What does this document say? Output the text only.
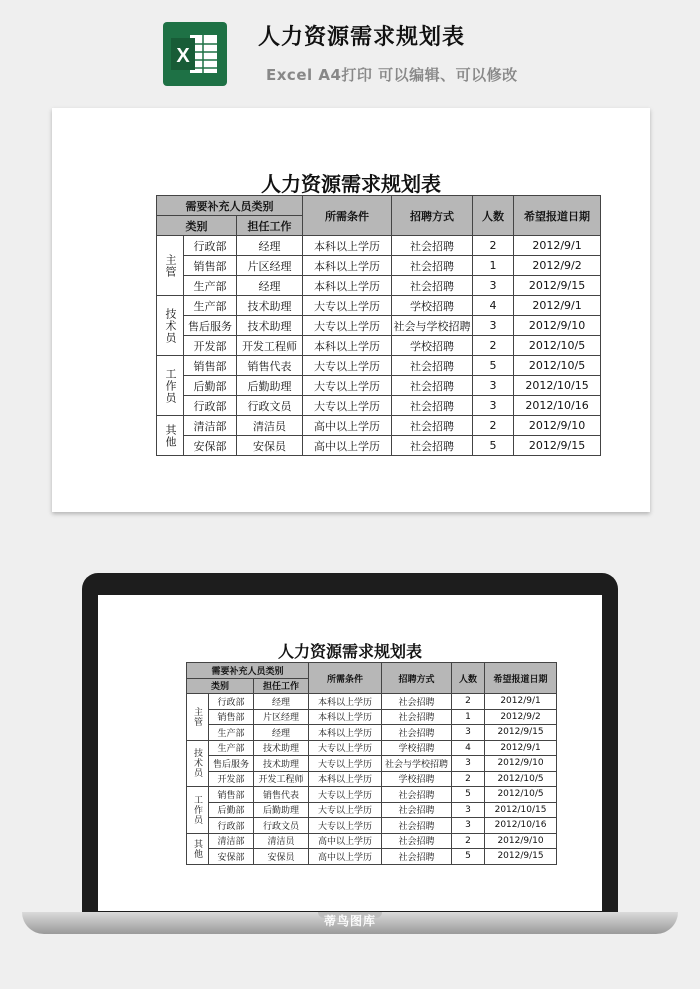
X
人力资源需求规划表
Excel A4打印 可以编辑、可以修改
人力资源需求规划表
需要补充人员类别			所需条件	招聘方式	人数	希望报道日期
类别		担任工作				
主管	行政部	经理	本科以上学历	社会招聘	2	2012/9/1
	销售部	片区经理	本科以上学历	社会招聘	1	2012/9/2
	生产部	经理	本科以上学历	社会招聘	3	2012/9/15
技术员	生产部	技术助理	大专以上学历	学校招聘	4	2012/9/1
	售后服务	技术助理	大专以上学历	社会与学校招聘	3	2012/9/10
	开发部	开发工程师	本科以上学历	学校招聘	2	2012/10/5
工作员	销售部	销售代表	大专以上学历	社会招聘	5	2012/10/5
	后勤部	后勤助理	大专以上学历	社会招聘	3	2012/10/15
	行政部	行政文员	大专以上学历	社会招聘	3	2012/10/16
其他	清洁部	清洁员	高中以上学历	社会招聘	2	2012/9/10
	安保部	安保员	高中以上学历	社会招聘	5	2012/9/15
人力资源需求规划表
需要补充人员类别			所需条件	招聘方式	人数	希望报道日期
类别		担任工作				
主管	行政部	经理	本科以上学历	社会招聘	2	2012/9/1
	销售部	片区经理	本科以上学历	社会招聘	1	2012/9/2
	生产部	经理	本科以上学历	社会招聘	3	2012/9/15
技术员	生产部	技术助理	大专以上学历	学校招聘	4	2012/9/1
	售后服务	技术助理	大专以上学历	社会与学校招聘	3	2012/9/10
	开发部	开发工程师	本科以上学历	学校招聘	2	2012/10/5
工作员	销售部	销售代表	大专以上学历	社会招聘	5	2012/10/5
	后勤部	后勤助理	大专以上学历	社会招聘	3	2012/10/15
	行政部	行政文员	大专以上学历	社会招聘	3	2012/10/16
其他	清洁部	清洁员	高中以上学历	社会招聘	2	2012/9/10
	安保部	安保员	高中以上学历	社会招聘	5	2012/9/15
蒂鸟图库
